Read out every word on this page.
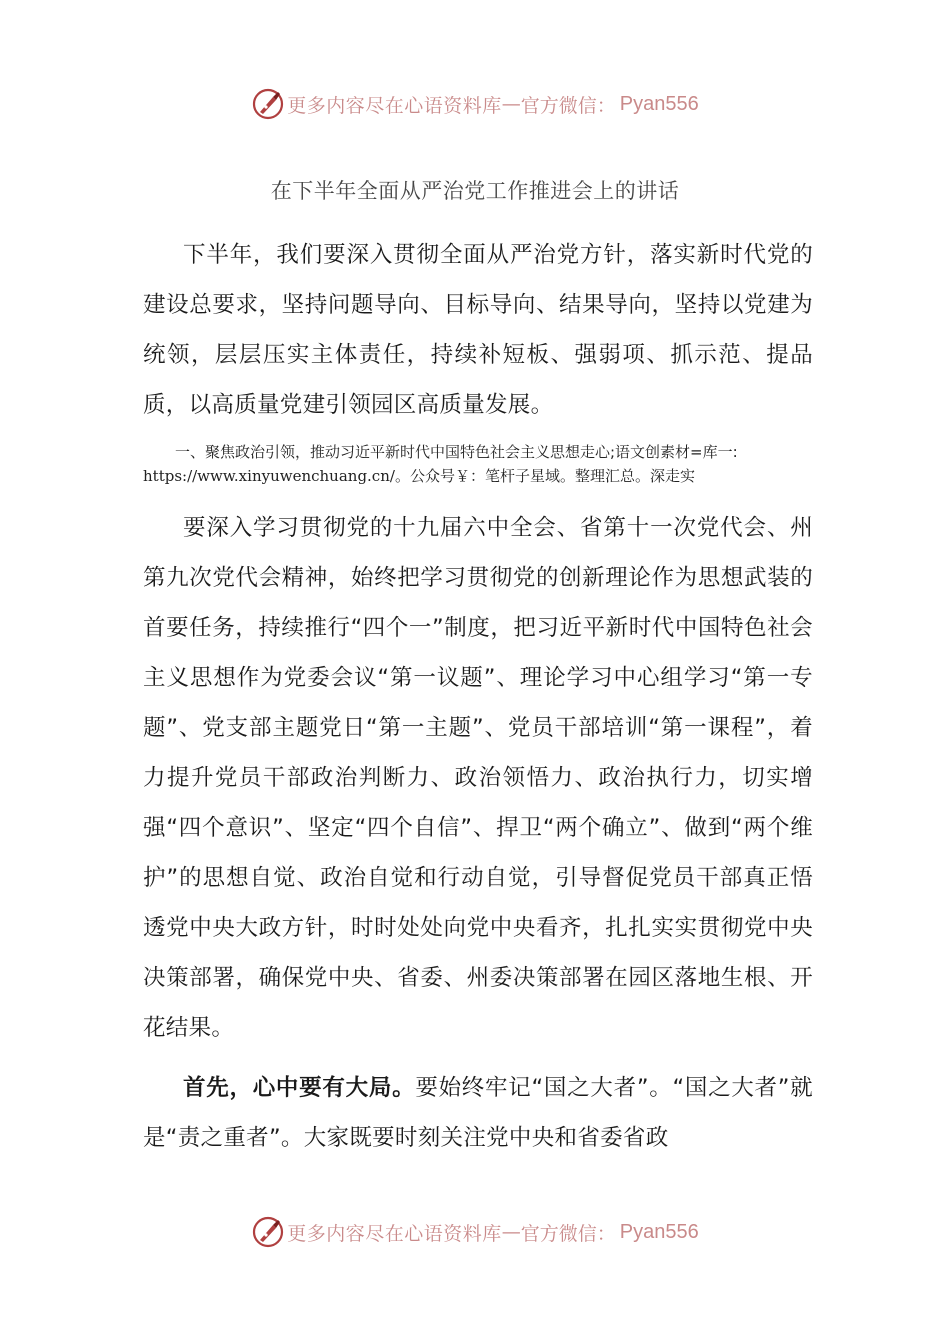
更多内容尽在心语资料库 — 官方微信： Pyan556
在下半年全面从严治党工作推进会上的讲话

下半年，我们要深入贯彻全面从严治党方针，落实新时代党的建设总要求，坚持问题导向、目标导向、结果导向，坚持以党建为统领，层层压实主体责任，持续补短板、强弱项、抓示范、提品质，以高质量党建引领园区高质量发展。

一、聚焦政治引领，推动习近平新时代中国特色社会主义思想走心;语文创素材=库一:
https://www.xinyuwenchuang.cn/。公众号￥：笔杆子星域。整理汇总。深走实

要深入学习贯彻党的十九届六中全会、省第十一次党代会、州第九次党代会精神，始终把学习贯彻党的创新理论作为思想武装的首要任务，持续推行“四个一”制度，把习近平新时代中国特色社会主义思想作为党委会议“第一议题”、理论学习中心组学习“第一专题”、党支部主题党日“第一主题”、党员干部培训“第一课程”，着力提升党员干部政治判断力、政治领悟力、政治执行力，切实增强“四个意识”、坚定“四个自信”、捍卫“两个确立”、做到“两个维护”的思想自觉、政治自觉和行动自觉，引导督促党员干部真正悟透党中央大政方针，时时处处向党中央看齐，扎扎实实贯彻党中央决策部署，确保党中央、省委、州委决策部署在园区落地生根、开花结果。

首先，心中要有大局。要始终牢记“国之大者”。“国之大者”就是“责之重者”。大家既要时刻关注党中央和省委省政

更多内容尽在心语资料库 — 官方微信： Pyan556
